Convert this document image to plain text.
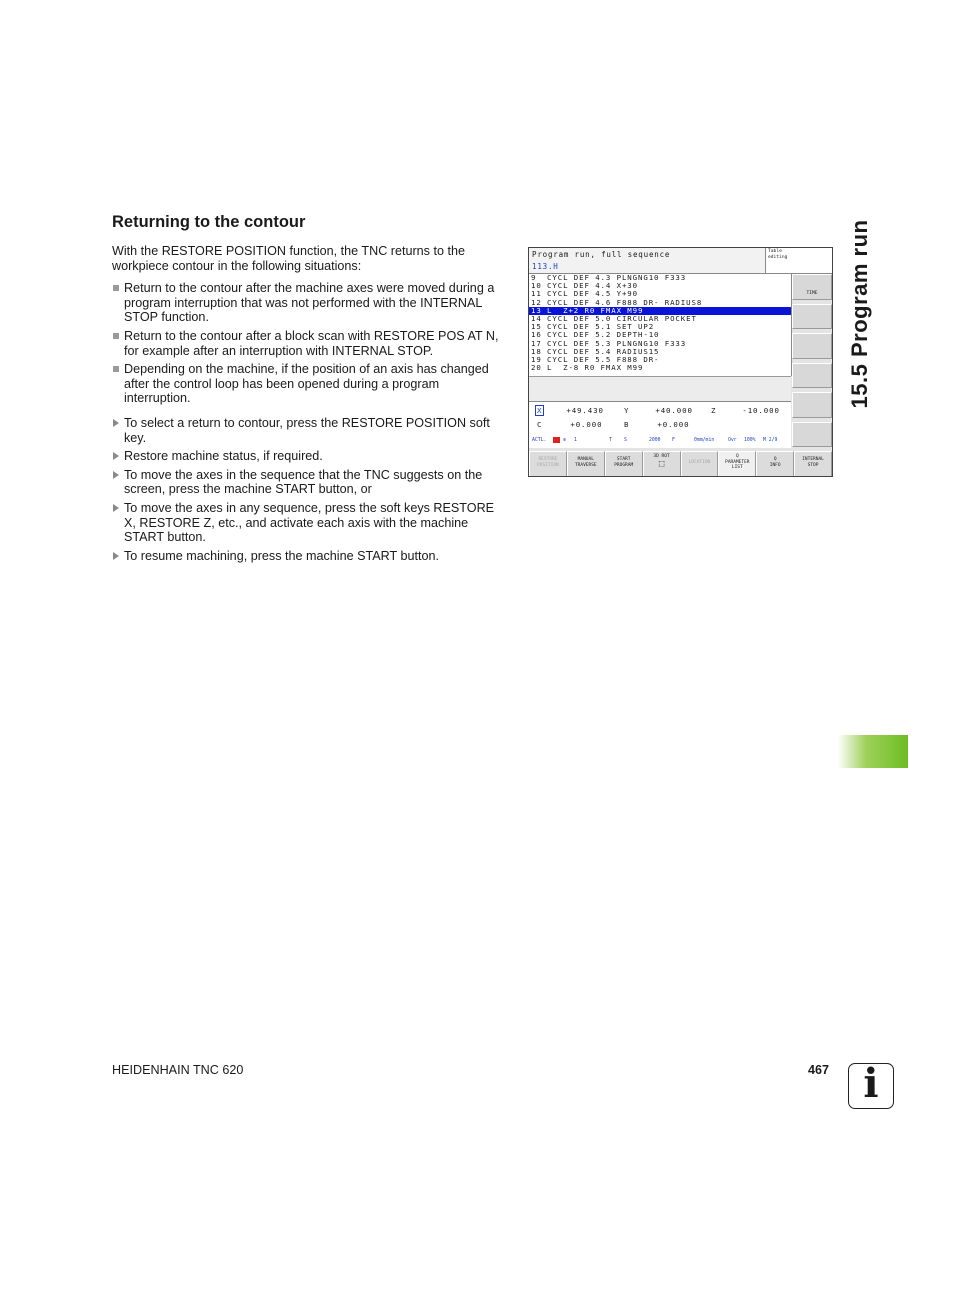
15.5 Program run
Returning to the contour

With the RESTORE POSITION function, the TNC returns to the workpiece contour in the following situations:

Return to the contour after the machine axes were moved during a program interruption that was not performed with the INTERNAL STOP function.
Return to the contour after a block scan with RESTORE POS AT N, for example after an interruption with INTERNAL STOP.
Depending on the machine, if the position of an axis has changed after the control loop has been opened during a program interruption.
To select a return to contour, press the RESTORE POSITION soft key.
Restore machine status, if required.
To move the axes in the sequence that the TNC suggests on the screen, press the machine START button, or
To move the axes in any sequence, press the soft keys RESTORE X, RESTORE Z, etc., and activate each axis with the machine START button.
To resume machining, press the machine START button.
Program run, full sequence
113.H
Table
editing
9  CYCL DEF 4.3 PLNGNG10 F333
10 CYCL DEF 4.4 X+30
11 CYCL DEF 4.5 Y+90
12 CYCL DEF 4.6 F888 DR- RADIUS8
13 L  Z+2 R0 FMAX M99
14 CYCL DEF 5.0 CIRCULAR POCKET
15 CYCL DEF 5.1 SET UP2
16 CYCL DEF 5.2 DEPTH-10
17 CYCL DEF 5.3 PLNGNG10 F333
18 CYCL DEF 5.4 RADIUS15
19 CYCL DEF 5.5 F888 DR-
20 L  Z-8 R0 FMAX M99
X	+49.430	Y	+40.000 Z	-10.000
C	+0.000	B	+0.000
ACTL.	⊕ 1	T	S	2000 F	0mm/min	Ovr 100% M 2/9
TIME
RESTORE
POSITION
MANUAL
TRAVERSE
START
PROGRAM
3D ROT
⬚	LOCATION
Q
PARAMETER
LIST
Q
INFO
INTERNAL
STOP
HEIDENHAIN TNC 620	467 i
